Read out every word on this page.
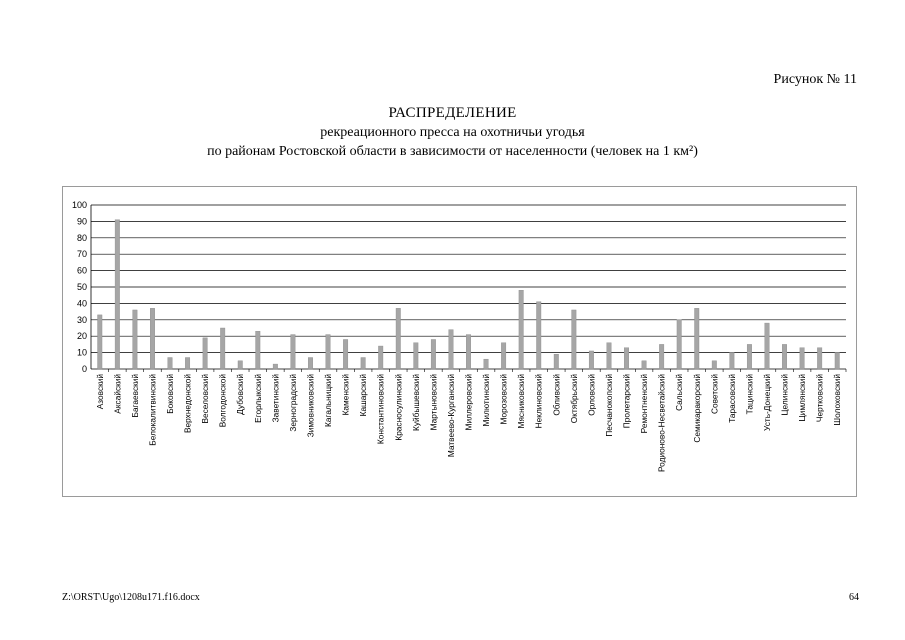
Рисунок № 11
РАСПРЕДЕЛЕНИЕ
рекреационного пресса на охотничьи угодья
по районам Ростовской области в зависимости от населенности (человек на 1 км²)
0
10
20
30
40
50
60
70
80
90
100
Азовский Аксайский Багаевский Белокалитвинский Боковский Верхнедонской Веселовский Волгодонской Дубовский Егорлыкский Заветинский Зерноградский Зимовниковский Кагальницкий Каменский Кашарский Константиновский Красносулинский Куйбышевский Мартыновский Матвеево-Курганский Миллеровский Милютинский Морозовский Мясниковский Неклиновский Обливский Октябрьский Орловский Песчанокопский Пролетарский Ремонтненский Родионово-Несветайский Сальский Семикаракорский Советский Тарасовский Тацинский Усть-Донецкий Целинский Цимлянский Чертковский Шолоховский
Z:\ORST\Ugo\1208u171.f16.docx	64
